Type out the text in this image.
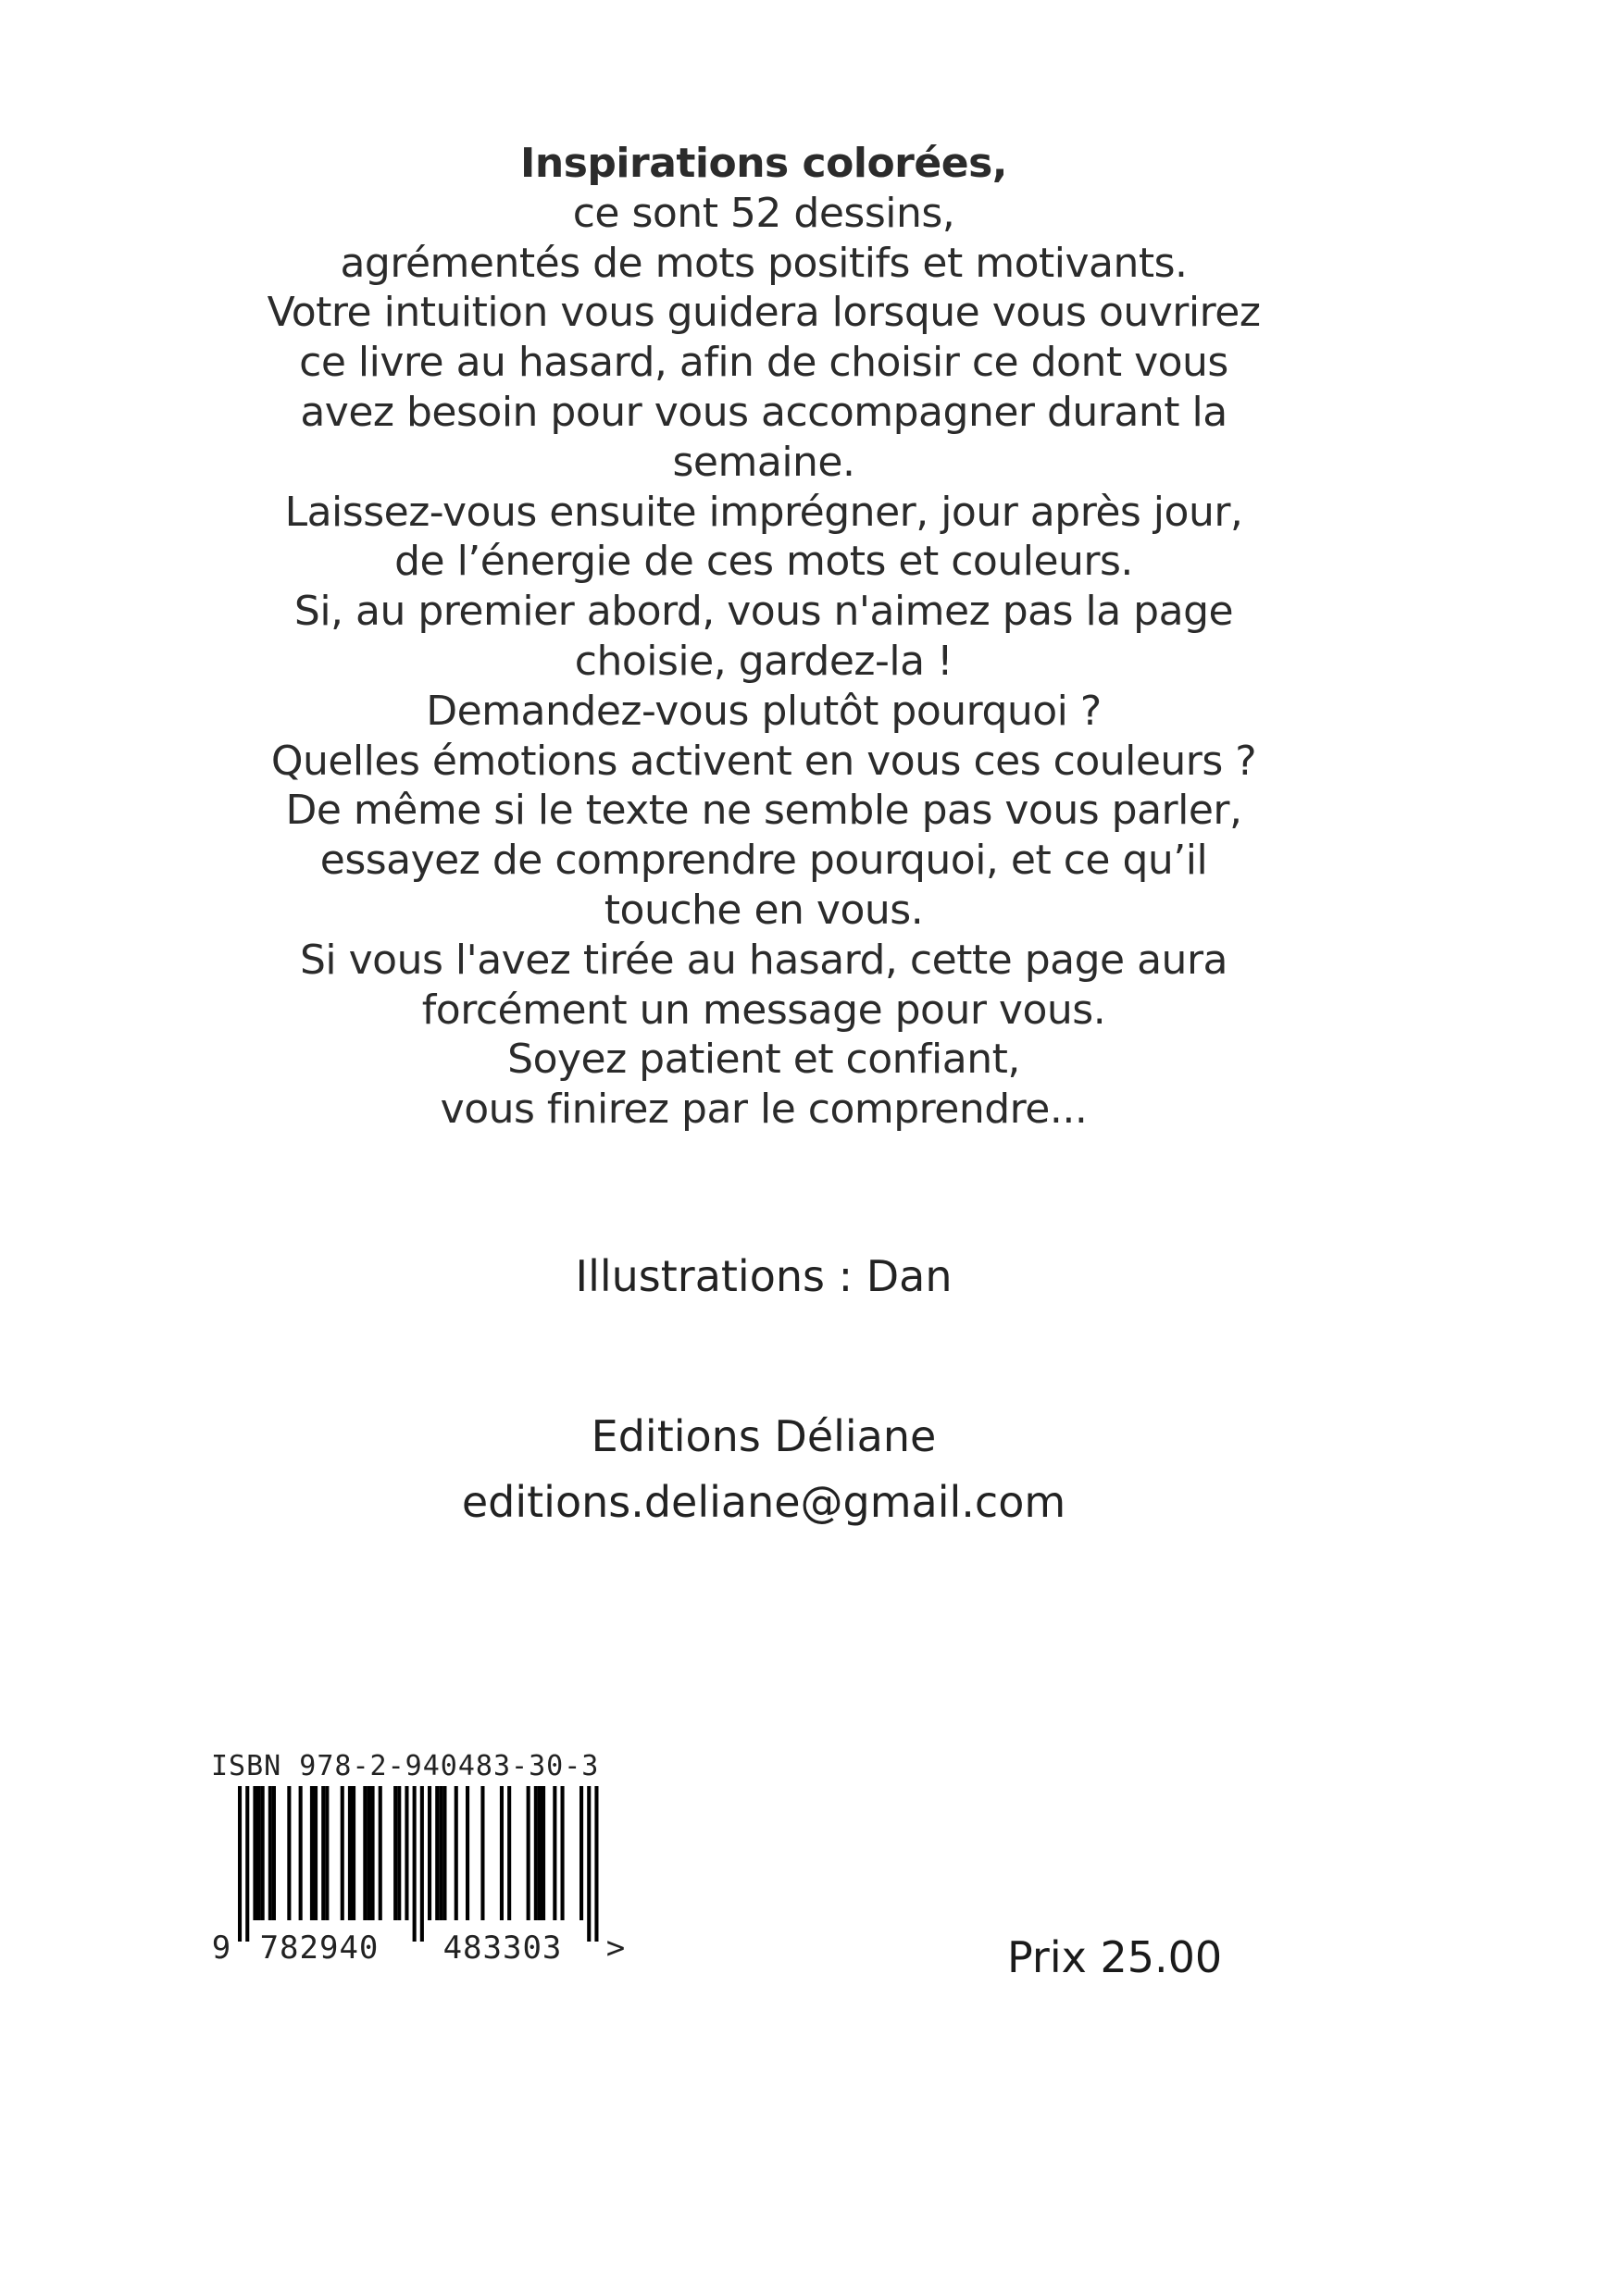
Inspirations colorées,
ce sont 52 dessins,
agrémentés de mots positifs et motivants.
Votre intuition vous guidera lorsque vous ouvrirez
ce livre au hasard, afin de choisir ce dont vous
avez besoin pour vous accompagner durant la
semaine.
Laissez-vous ensuite imprégner, jour après jour,
de l’énergie de ces mots et couleurs.
Si, au premier abord, vous n'aimez pas la page
choisie, gardez-la !
Demandez-vous plutôt pourquoi ?
Quelles émotions activent en vous ces couleurs ?
De même si le texte ne semble pas vous parler,
essayez de comprendre pourquoi, et ce qu’il
touche en vous.
Si vous l'avez tirée au hasard, cette page aura
forcément un message pour vous.
Soyez patient et confiant,
vous finirez par le comprendre...
Illustrations : Dan
Editions Déliane
editions.deliane@gmail.com
ISBN 978-2-940483-30-3
9 782940 483303 >	Prix 25.00
